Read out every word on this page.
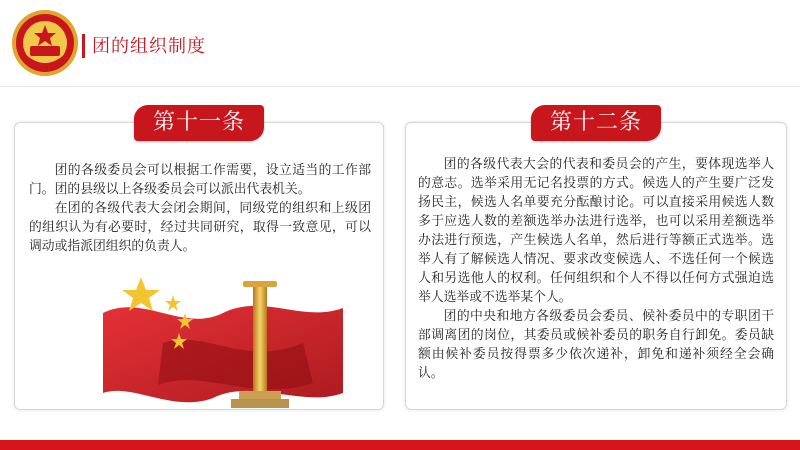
团的组织制度
第十一条

团的各级委员会可以根据工作需要，设立适当的工作部门。团的县级以上各级委员会可以派出代表机关。

在团的各级代表大会闭会期间，同级党的组织和上级团的组织认为有必要时，经过共同研究，取得一致意见，可以调动或指派团组织的负责人。

第十二条

团的各级代表大会的代表和委员会的产生，要体现选举人的意志。选举采用无记名投票的方式。候选人的产生要广泛发扬民主，候选人名单要充分酝酿讨论。可以直接采用候选人数多于应选人数的差额选举办法进行选举，也可以采用差额选举办法进行预选，产生候选人名单，然后进行等额正式选举。选举人有了解候选人情况、要求改变候选人、不选任何一个候选人和另选他人的权利。任何组织和个人不得以任何方式强迫选举人选举或不选举某个人。

团的中央和地方各级委员会委员、候补委员中的专职团干部调离团的岗位，其委员或候补委员的职务自行卸免。委员缺额由候补委员按得票多少依次递补，卸免和递补须经全会确认。
